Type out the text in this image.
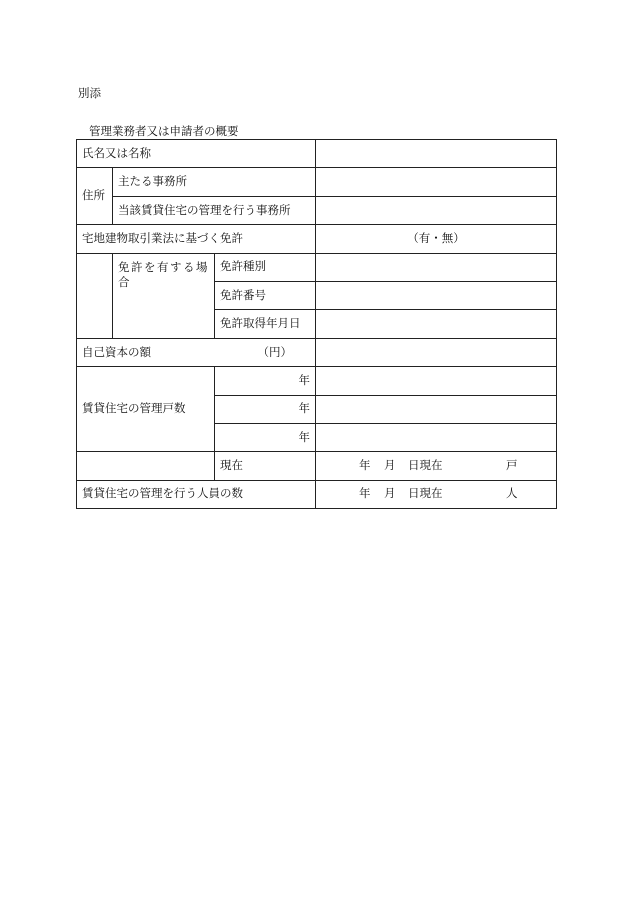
別添
管理業務者又は申請者の概要
氏名又は名称			
住所	主たる事務所		
	当該賃貸住宅の管理を行う事務所		
宅地建物取引業法に基づく免許			（有・無）
	免許を有する場合	免許種別	
		免許番号	
		免許取得年月日	

自己資本の額 （円）			

賃貸住宅の管理戸数		年	
		年	
		年	
		現在	年 月 日現在 戸

賃貸住宅の管理を行う人員の数			年 月 日現在 人
